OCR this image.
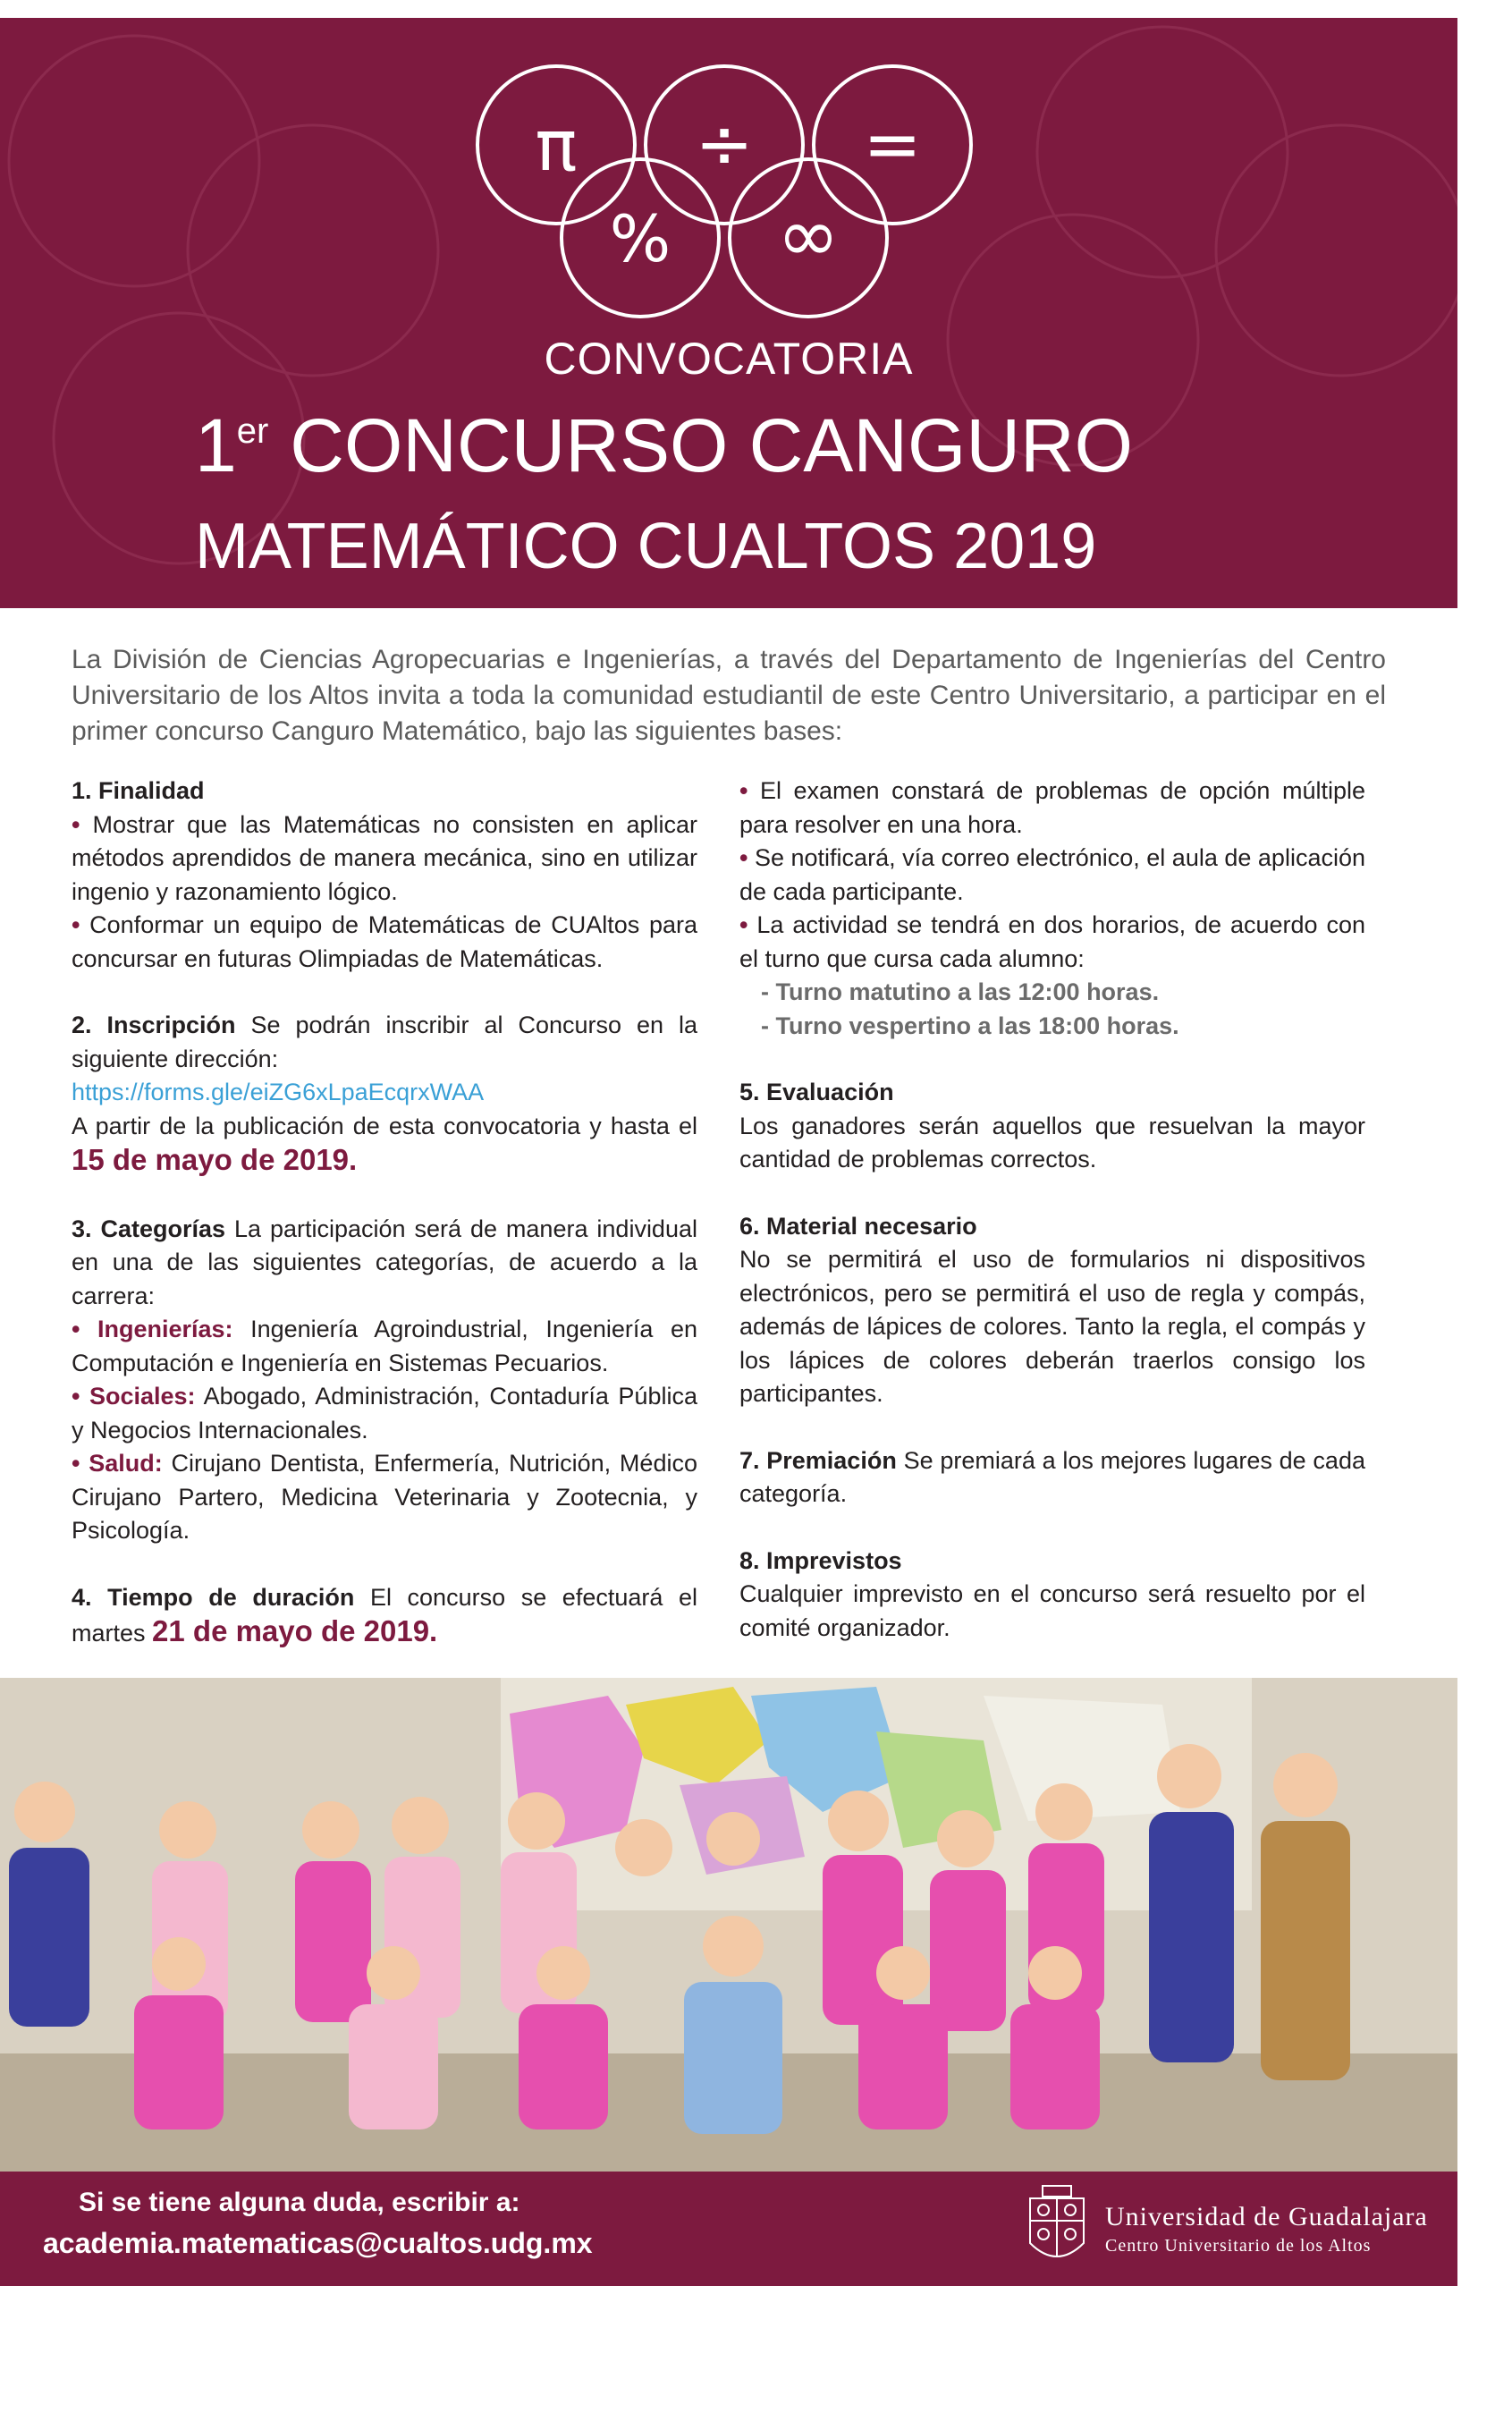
π ÷ =
% ∞
CONVOCATORIA
1er CONCURSO CANGURO
MATEMÁTICO CUALTOS 2019
La División de Ciencias Agropecuarias e Ingenierías, a través del Departamento de Ingenierías del Centro Universitario de los Altos invita a toda la comunidad estudiantil de este Centro Universitario, a participar en el primer concurso Canguro Matemático, bajo las siguientes bases:

1. Finalidad

• Mostrar que las Matemáticas no consisten en aplicar métodos aprendidos de manera mecánica, sino en utilizar ingenio y razonamiento lógico.

• Conformar un equipo de Matemáticas de CUAltos para concursar en futuras Olimpiadas de Matemáticas.

2. Inscripción Se podrán inscribir al Concurso en la siguiente dirección:

https://forms.gle/eiZG6xLpaEcqrxWAA

A partir de la publicación de esta convocatoria y hasta el 15 de mayo de 2019.

3. Categorías La participación será de manera individual en una de las siguientes categorías, de acuerdo a la carrera:

• Ingenierías: Ingeniería Agroindustrial, Ingeniería en Computación e Ingeniería en Sistemas Pecuarios.

• Sociales: Abogado, Administración, Contaduría Pública y Negocios Internacionales.

• Salud: Cirujano Dentista, Enfermería, Nutrición, Médico Cirujano Partero, Medicina Veterinaria y Zootecnia, y Psicología.

4. Tiempo de duración El concurso se efectuará el martes 21 de mayo de 2019.

• El examen constará de problemas de opción múltiple para resolver en una hora.

• Se notificará, vía correo electrónico, el aula de aplicación de cada participante.

• La actividad se tendrá en dos horarios, de acuerdo con el turno que cursa cada alumno:

- Turno matutino a las 12:00 horas.

- Turno vespertino a las 18:00 horas.

5. Evaluación

Los ganadores serán aquellos que resuelvan la mayor cantidad de problemas correctos.

6. Material necesario

No se permitirá el uso de formularios ni dispositivos electrónicos, pero se permitirá el uso de regla y compás, además de lápices de colores. Tanto la regla, el compás y los lápices de colores deberán traerlos consigo los participantes.

7. Premiación Se premiará a los mejores lugares de cada categoría.

8. Imprevistos

Cualquier imprevisto en el concurso será resuelto por el comité organizador.

Si se tiene alguna duda, escribir a:
academia.matematicas@cualtos.udg.mx
Universidad de Guadalajara
Centro Universitario de los Altos
